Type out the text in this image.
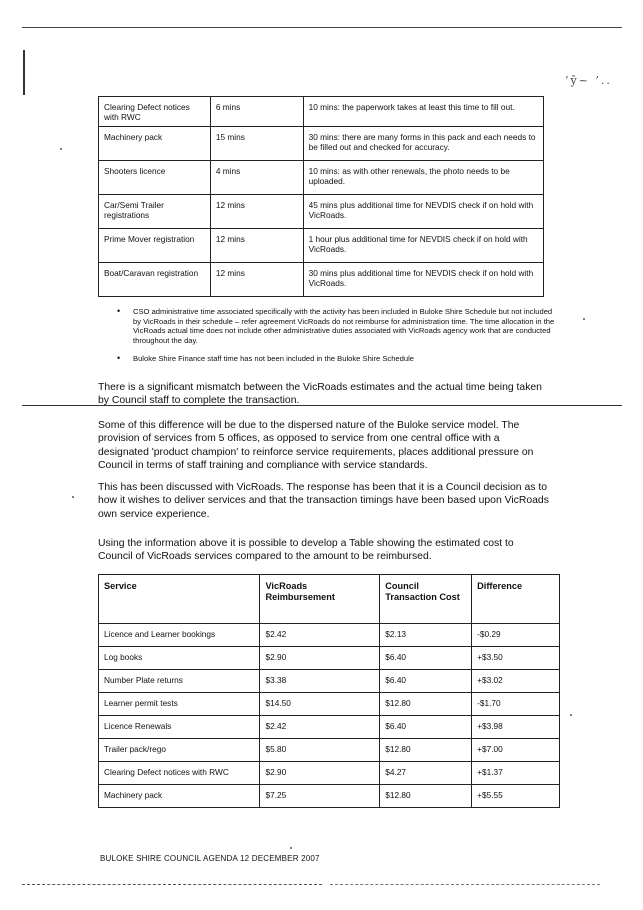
‘ȳ~ ’..
Clearing Defect notices with RWC	6 mins	10 mins: the paperwork takes at least this time to fill out.
Machinery pack	15 mins	30 mins: there are many forms in this pack and each needs to be filled out and checked for accuracy.
Shooters licence	4 mins	10 mins: as with other renewals, the photo needs to be uploaded.
Car/Semi Trailer registrations	12 mins	45 mins plus additional time for NEVDIS check if on hold with VicRoads.
Prime Mover registration	12 mins	1 hour plus additional time for NEVDIS check if on hold with VicRoads.
Boat/Caravan registration	12 mins	30 mins plus additional time for NEVDIS check if on hold with VicRoads.
• CSO administrative time associated specifically with the activity has been included in Buloke Shire Schedule but not included by VicRoads in their schedule – refer agreement VicRoads do not reimburse for administration time. The time allocation in the VicRoads actual time does not include other administrative duties associated with VicRoads agency work that are conducted throughout the day.
• Buloke Shire Finance staff time has not been included in the Buloke Shire Schedule

There is a significant mismatch between the VicRoads estimates and the actual time being taken by Council staff to complete the transaction.

Some of this difference will be due to the dispersed nature of the Buloke service model. The provision of services from 5 offices, as opposed to service from one central office with a designated 'product champion' to reinforce service requirements, places additional pressure on Council in terms of staff training and compliance with service standards.

This has been discussed with VicRoads. The response has been that it is a Council decision as to how it wishes to deliver services and that the transaction timings have been based upon VicRoads own service experience.

Using the information above it is possible to develop a Table showing the estimated cost to Council of VicRoads services compared to the amount to be reimbursed.

Service	VicRoads Reimbursement	Council Transaction Cost	Difference
Licence and Learner bookings	$2.42	$2.13	-$0.29
Log books	$2.90	$6.40	+$3.50
Number Plate returns	$3.38	$6.40	+$3.02
Learner permit tests	$14.50	$12.80	-$1.70
Licence Renewals	$2.42	$6.40	+$3.98
Trailer pack/rego	$5.80	$12.80	+$7.00
Clearing Defect notices with RWC	$2.90	$4.27	+$1.37
Machinery pack	$7.25	$12.80	+$5.55
BULOKE SHIRE COUNCIL AGENDA 12 DECEMBER 2007
